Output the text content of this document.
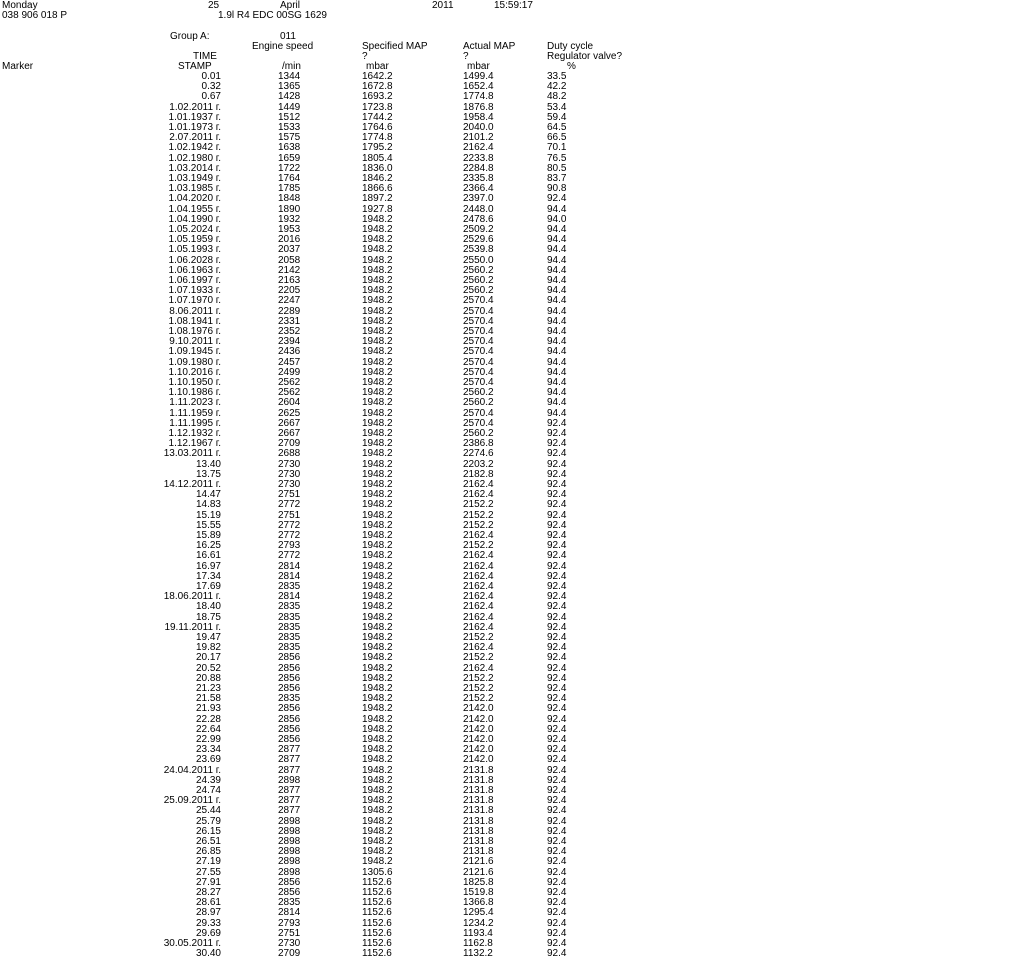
Monday	25	April	2011	15:59:17
038 906 018 P	1.9l R4 EDC 00SG 1629
Group A:	011
Engine speed	Specified MAP	Actual MAP	Duty cycle
TIME	?	?	Regulator valve?
Marker	STAMP	/min	mbar	mbar	%
0.01	1344	1642.2	1499.4	33.5
0.32	1365	1672.8	1652.4	42.2
0.67	1428	1693.2	1774.8	48.2
1.02.2011 г.	1449	1723.8	1876.8	53.4
1.01.1937 г.	1512	1744.2	1958.4	59.4
1.01.1973 г.	1533	1764.6	2040.0	64.5
2.07.2011 г.	1575	1774.8	2101.2	66.5
1.02.1942 г.	1638	1795.2	2162.4	70.1
1.02.1980 г.	1659	1805.4	2233.8	76.5
1.03.2014 г.	1722	1836.0	2284.8	80.5
1.03.1949 г.	1764	1846.2	2335.8	83.7
1.03.1985 г.	1785	1866.6	2366.4	90.8
1.04.2020 г.	1848	1897.2	2397.0	92.4
1.04.1955 г.	1890	1927.8	2448.0	94.4
1.04.1990 г.	1932	1948.2	2478.6	94.0
1.05.2024 г.	1953	1948.2	2509.2	94.4
1.05.1959 г.	2016	1948.2	2529.6	94.4
1.05.1993 г.	2037	1948.2	2539.8	94.4
1.06.2028 г.	2058	1948.2	2550.0	94.4
1.06.1963 г.	2142	1948.2	2560.2	94.4
1.06.1997 г.	2163	1948.2	2560.2	94.4
1.07.1933 г.	2205	1948.2	2560.2	94.4
1.07.1970 г.	2247	1948.2	2570.4	94.4
8.06.2011 г.	2289	1948.2	2570.4	94.4
1.08.1941 г.	2331	1948.2	2570.4	94.4
1.08.1976 г.	2352	1948.2	2570.4	94.4
9.10.2011 г.	2394	1948.2	2570.4	94.4
1.09.1945 г.	2436	1948.2	2570.4	94.4
1.09.1980 г.	2457	1948.2	2570.4	94.4
1.10.2016 г.	2499	1948.2	2570.4	94.4
1.10.1950 г.	2562	1948.2	2570.4	94.4
1.10.1986 г.	2562	1948.2	2560.2	94.4
1.11.2023 г.	2604	1948.2	2560.2	94.4
1.11.1959 г.	2625	1948.2	2570.4	94.4
1.11.1995 г.	2667	1948.2	2570.4	92.4
1.12.1932 г.	2667	1948.2	2560.2	92.4
1.12.1967 г.	2709	1948.2	2386.8	92.4
13.03.2011 г.	2688	1948.2	2274.6	92.4
13.40	2730	1948.2	2203.2	92.4
13.75	2730	1948.2	2182.8	92.4
14.12.2011 г.	2730	1948.2	2162.4	92.4
14.47	2751	1948.2	2162.4	92.4
14.83	2772	1948.2	2152.2	92.4
15.19	2751	1948.2	2152.2	92.4
15.55	2772	1948.2	2152.2	92.4
15.89	2772	1948.2	2162.4	92.4
16.25	2793	1948.2	2152.2	92.4
16.61	2772	1948.2	2162.4	92.4
16.97	2814	1948.2	2162.4	92.4
17.34	2814	1948.2	2162.4	92.4
17.69	2835	1948.2	2162.4	92.4
18.06.2011 г.	2814	1948.2	2162.4	92.4
18.40	2835	1948.2	2162.4	92.4
18.75	2835	1948.2	2162.4	92.4
19.11.2011 г.	2835	1948.2	2162.4	92.4
19.47	2835	1948.2	2152.2	92.4
19.82	2835	1948.2	2162.4	92.4
20.17	2856	1948.2	2152.2	92.4
20.52	2856	1948.2	2162.4	92.4
20.88	2856	1948.2	2152.2	92.4
21.23	2856	1948.2	2152.2	92.4
21.58	2835	1948.2	2152.2	92.4
21.93	2856	1948.2	2142.0	92.4
22.28	2856	1948.2	2142.0	92.4
22.64	2856	1948.2	2142.0	92.4
22.99	2856	1948.2	2142.0	92.4
23.34	2877	1948.2	2142.0	92.4
23.69	2877	1948.2	2142.0	92.4
24.04.2011 г.	2877	1948.2	2131.8	92.4
24.39	2898	1948.2	2131.8	92.4
24.74	2877	1948.2	2131.8	92.4
25.09.2011 г.	2877	1948.2	2131.8	92.4
25.44	2877	1948.2	2131.8	92.4
25.79	2898	1948.2	2131.8	92.4
26.15	2898	1948.2	2131.8	92.4
26.51	2898	1948.2	2131.8	92.4
26.85	2898	1948.2	2131.8	92.4
27.19	2898	1948.2	2121.6	92.4
27.55	2898	1305.6	2121.6	92.4
27.91	2856	1152.6	1825.8	92.4
28.27	2856	1152.6	1519.8	92.4
28.61	2835	1152.6	1366.8	92.4
28.97	2814	1152.6	1295.4	92.4
29.33	2793	1152.6	1234.2	92.4
29.69	2751	1152.6	1193.4	92.4
30.05.2011 г.	2730	1152.6	1162.8	92.4
30.40	2709	1152.6	1132.2	92.4
